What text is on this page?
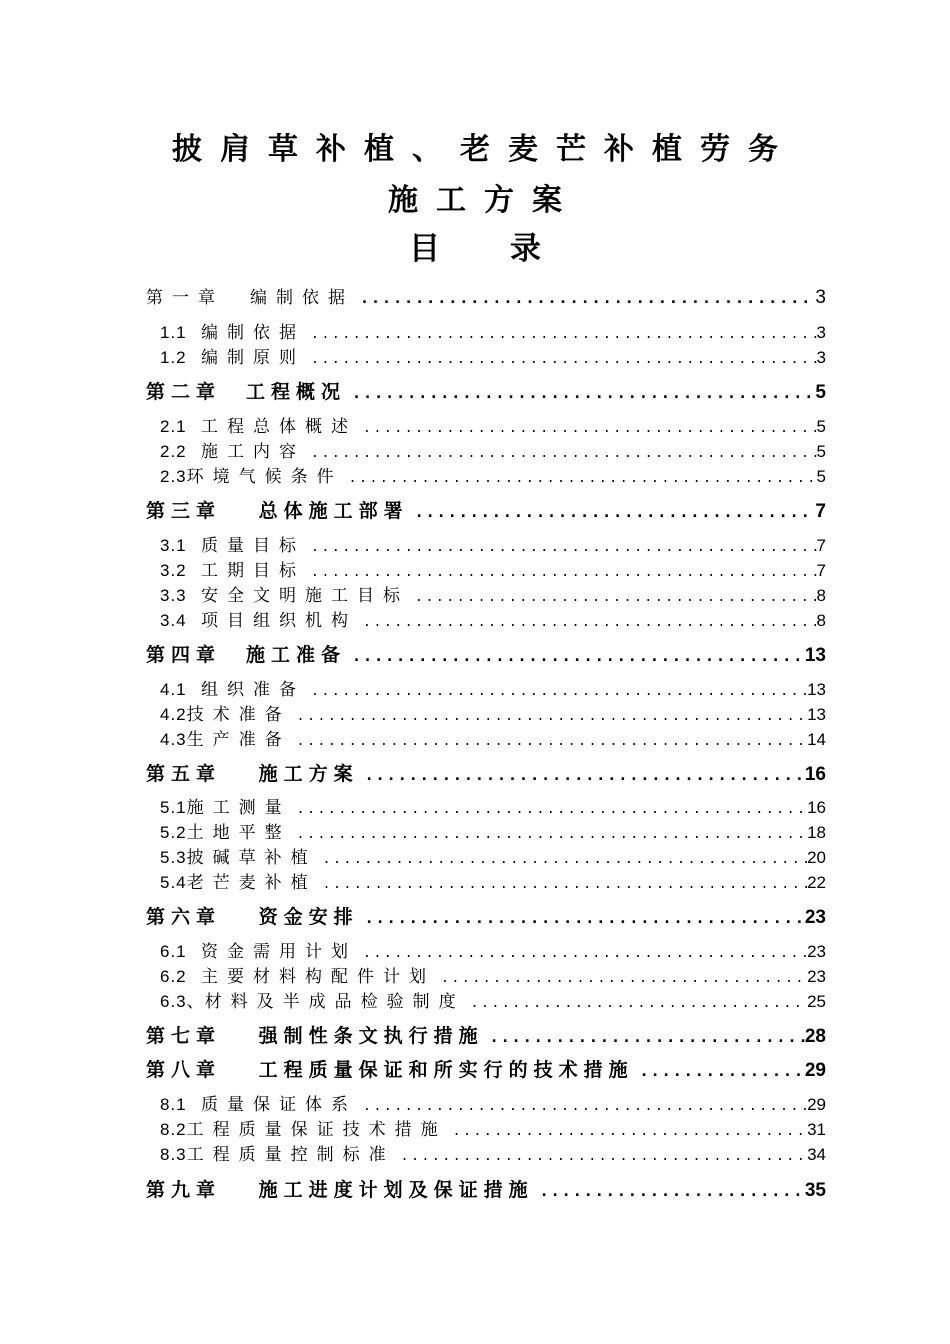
披肩草补植、老麦芒补植劳务
施工方案
目 录
第一章　编制依据 .....	3
1.1 编制依据 .....	3
1.2 编制原则 .....	3
第二章　工程概况 .....	5
2.1 工程总体概述 .....	5
2.2 施工内容 .....	5
2.3环境气候条件 .....	5
第三章　 总体施工部署 .....	7
3.1 质量目标 .....	7
3.2 工期目标 .....	7
3.3 安全文明施工目标 .....	8
3.4 项目组织机构 .....	8
第四章　施工准备 .....	13
4.1 组织准备 .....	13
4.2技术准备 .....	13
4.3生产准备 .....	14
第五章　 施工方案 .....	16
5.1施工测量 .....	16
5.2土地平整 .....	18
5.3披碱草补植 .....	20
5.4老芒麦补植 .....	22
第六章　 资金安排 .....	23
6.1 资金需用计划 .....	23
6.2 主要材料构配件计划 .....	23
6.3、材料及半成品检验制度 .....	25
第七章　 强制性条文执行措施 .....	28
第八章　 工程质量保证和所实行的技术措施 .....	29
8.1 质量保证体系 .....	29
8.2工程质量保证技术措施 .....	31
8.3工程质量控制标准 .....	34
第九章　 施工进度计划及保证措施 .....	35
